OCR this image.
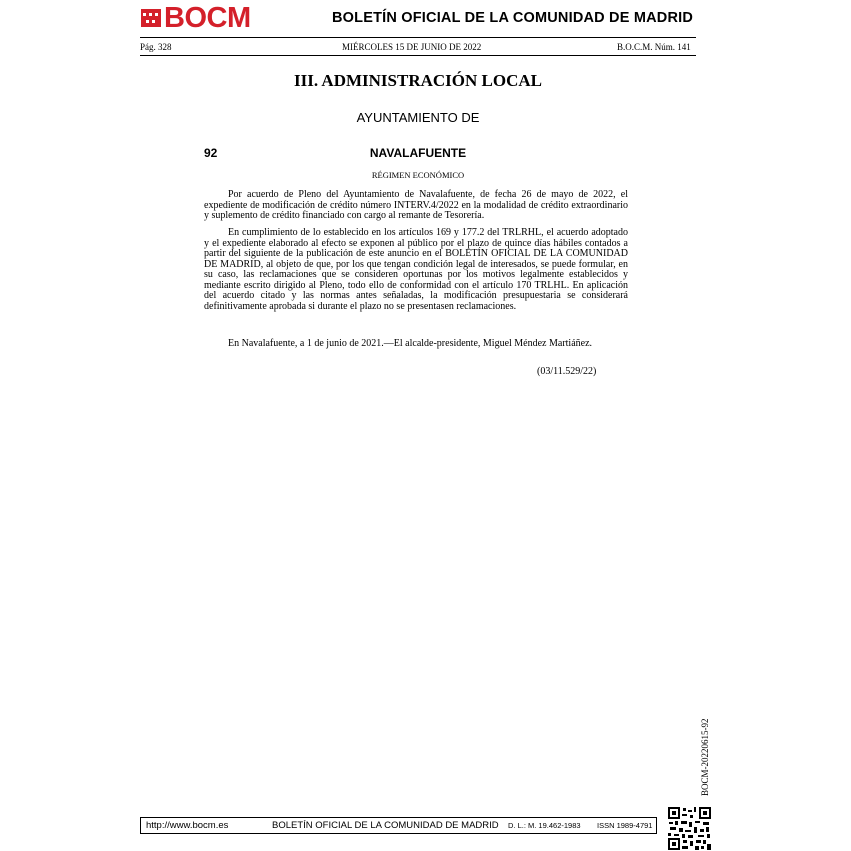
BOCM	BOLETÍN OFICIAL DE LA COMUNIDAD DE MADRID
Pág. 328	MIÉRCOLES 15 DE JUNIO DE 2022	B.O.C.M. Núm. 141
III. ADMINISTRACIÓN LOCAL
AYUNTAMIENTO DE
92	NAVALAFUENTE
RÉGIMEN ECONÓMICO

Por acuerdo de Pleno del Ayuntamiento de Navalafuente, de fecha 26 de mayo de 2022, el expediente de modificación de crédito número INTERV.4/2022 en la modalidad de crédito extraordinario y suplemento de crédito financiado con cargo al remante de Tesorería.

En cumplimiento de lo establecido en los artículos 169 y 177.2 del TRLRHL, el acuerdo adoptado y el expediente elaborado al efecto se exponen al público por el plazo de quince días hábiles contados a partir del siguiente de la publicación de este anuncio en el BOLETÍN OFICIAL DE LA COMUNIDAD DE MADRID, al objeto de que, por los que tengan condición legal de interesados, se puede formular, en su caso, las reclamaciones que se consideren oportunas por los motivos legalmente establecidos y mediante escrito dirigido al Pleno, todo ello de conformidad con el artículo 170 TRLHL. En aplicación del acuerdo citado y las normas antes señaladas, la modificación presupuestaria se considerará definitivamente aprobada si durante el plazo no se presentasen reclamaciones.

En Navalafuente, a 1 de junio de 2021.—El alcalde-presidente, Miguel Méndez Martiáñez.

(03/11.529/22)
BOCM-20220615-92
http://www.bocm.es	BOLETÍN OFICIAL DE LA COMUNIDAD DE MADRID D. L.: M. 19.462-1983 ISSN 1989-4791
